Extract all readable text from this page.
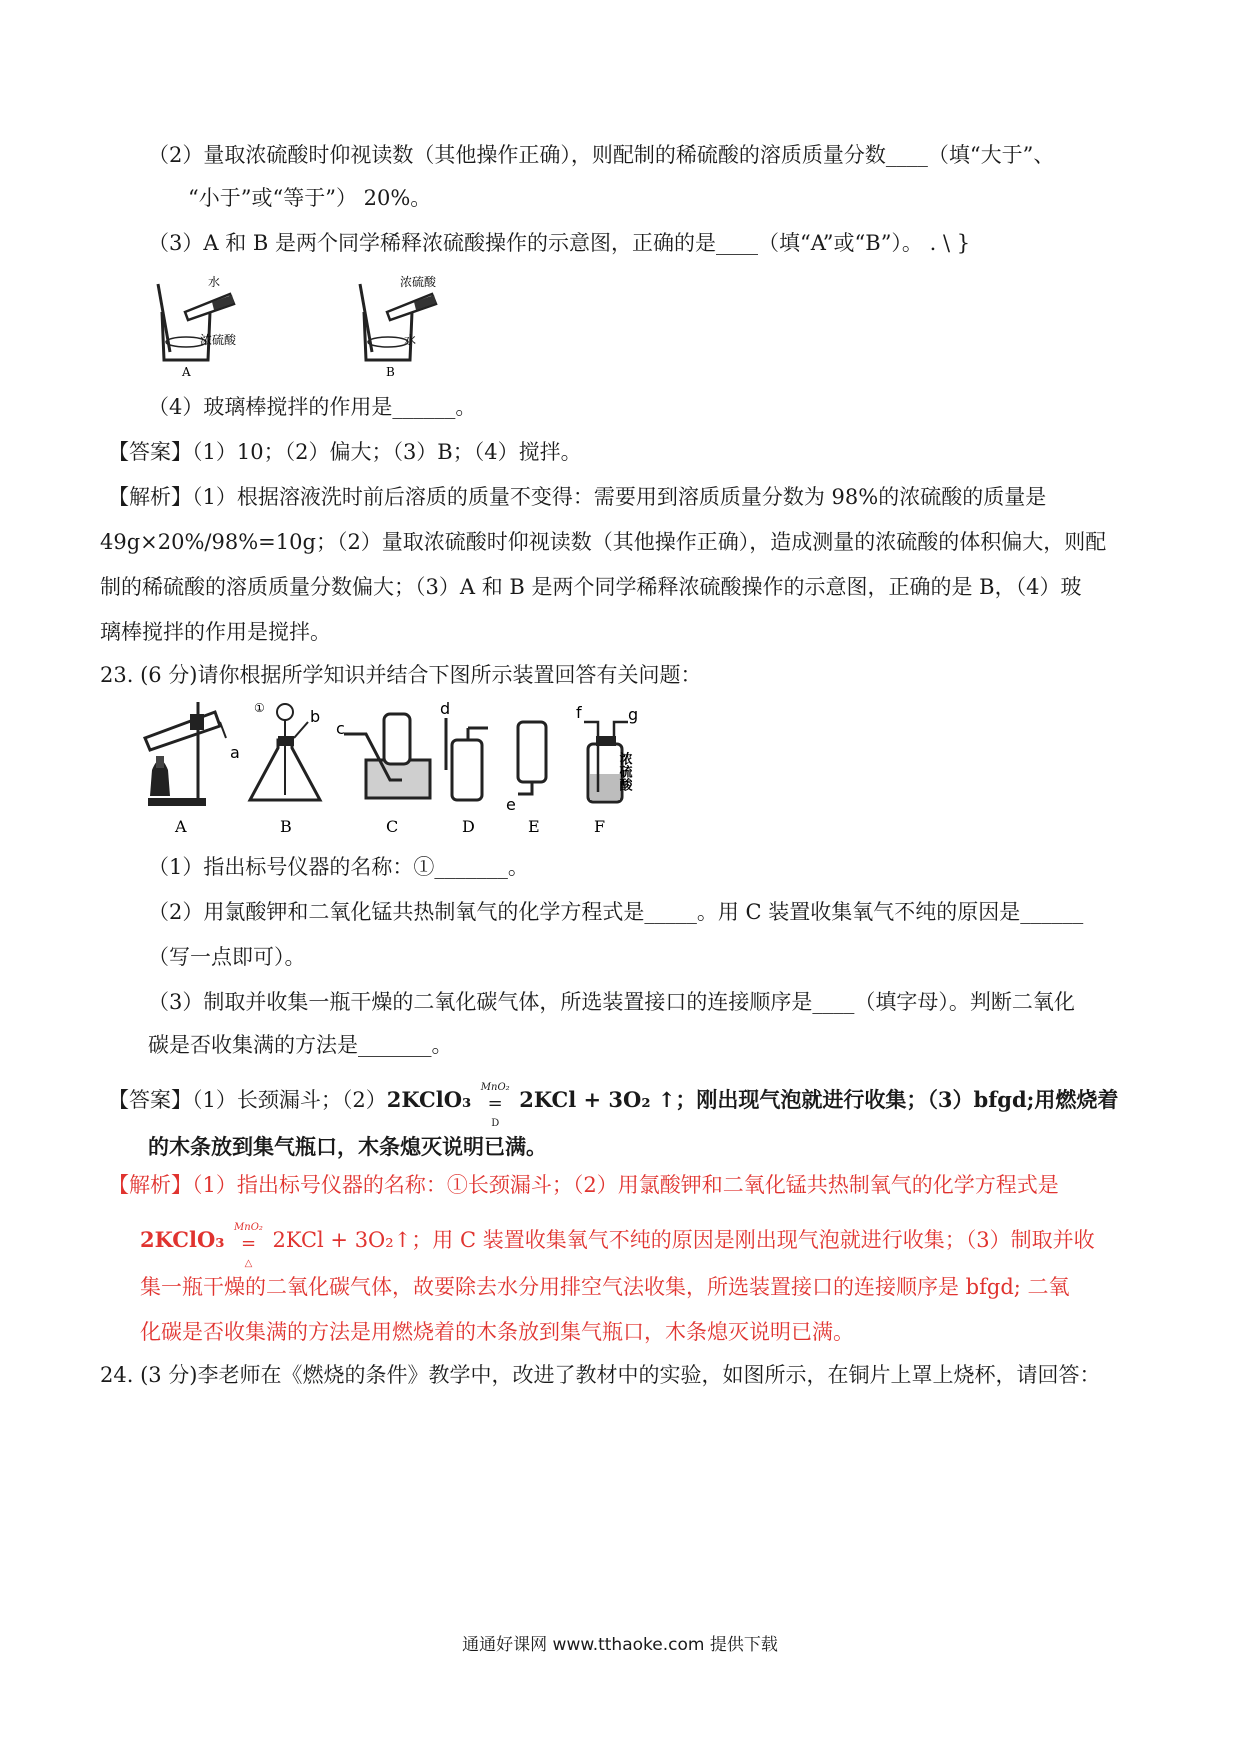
（2）量取浓硫酸时仰视读数（其他操作正确），则配制的稀硫酸的溶质质量分数____（填“大于”、
“小于”或“等于”） 20%。
（3）A 和 B 是两个同学稀释浓硫酸操作的示意图，正确的是____（填“A”或“B”）。 . \ }
水
浓硫酸
A
浓硫酸
水
B
（4）玻璃棒搅拌的作用是______。
【答案】（1）10；（2）偏大；（3）B；（4）搅拌。
【解析】（1）根据溶液洗时前后溶质的质量不变得：需要用到溶质质量分数为 98%的浓硫酸的质量是
49g×20%/98%=10g；（2）量取浓硫酸时仰视读数（其他操作正确），造成测量的浓硫酸的体积偏大，则配
制的稀硫酸的溶质质量分数偏大；（3）A 和 B 是两个同学稀释浓硫酸操作的示意图，正确的是 B，（4）玻
璃棒搅拌的作用是搅拌。
23. (6 分)请你根据所学知识并结合下图所示装置回答有关问题：
a
A
①	b
B
c
C
d
D
e
E
f	g
浓硫酸
F
（1）指出标号仪器的名称：①_______。
（2）用氯酸钾和二氧化锰共热制氧气的化学方程式是_____。用 C 装置收集氧气不纯的原因是______
（写一点即可）。
（3）制取并收集一瓶干燥的二氧化碳气体，所选装置接口的连接顺序是____（填字母）。判断二氧化
碳是否收集满的方法是_______。
【答案】（1）长颈漏斗；（2）2KClO₃ MnO₂
=
D
2KCl + 3O₂ ↑；刚出现气泡就进行收集；（3）bfgd;用燃烧着
的木条放到集气瓶口，木条熄灭说明已满。
【解析】（1）指出标号仪器的名称：①长颈漏斗；（2）用氯酸钾和二氧化锰共热制氧气的化学方程式是
2KClO₃ MnO₂
=
△
2KCl + 3O₂↑；用 C 装置收集氧气不纯的原因是刚出现气泡就进行收集；（3）制取并收
集一瓶干燥的二氧化碳气体，故要除去水分用排空气法收集，所选装置接口的连接顺序是 bfgd; 二氧
化碳是否收集满的方法是用燃烧着的木条放到集气瓶口，木条熄灭说明已满。
24. (3 分)李老师在《燃烧的条件》教学中，改进了教材中的实验，如图所示，在铜片上罩上烧杯，请回答：
通通好课网 www.tthaoke.com 提供下载
